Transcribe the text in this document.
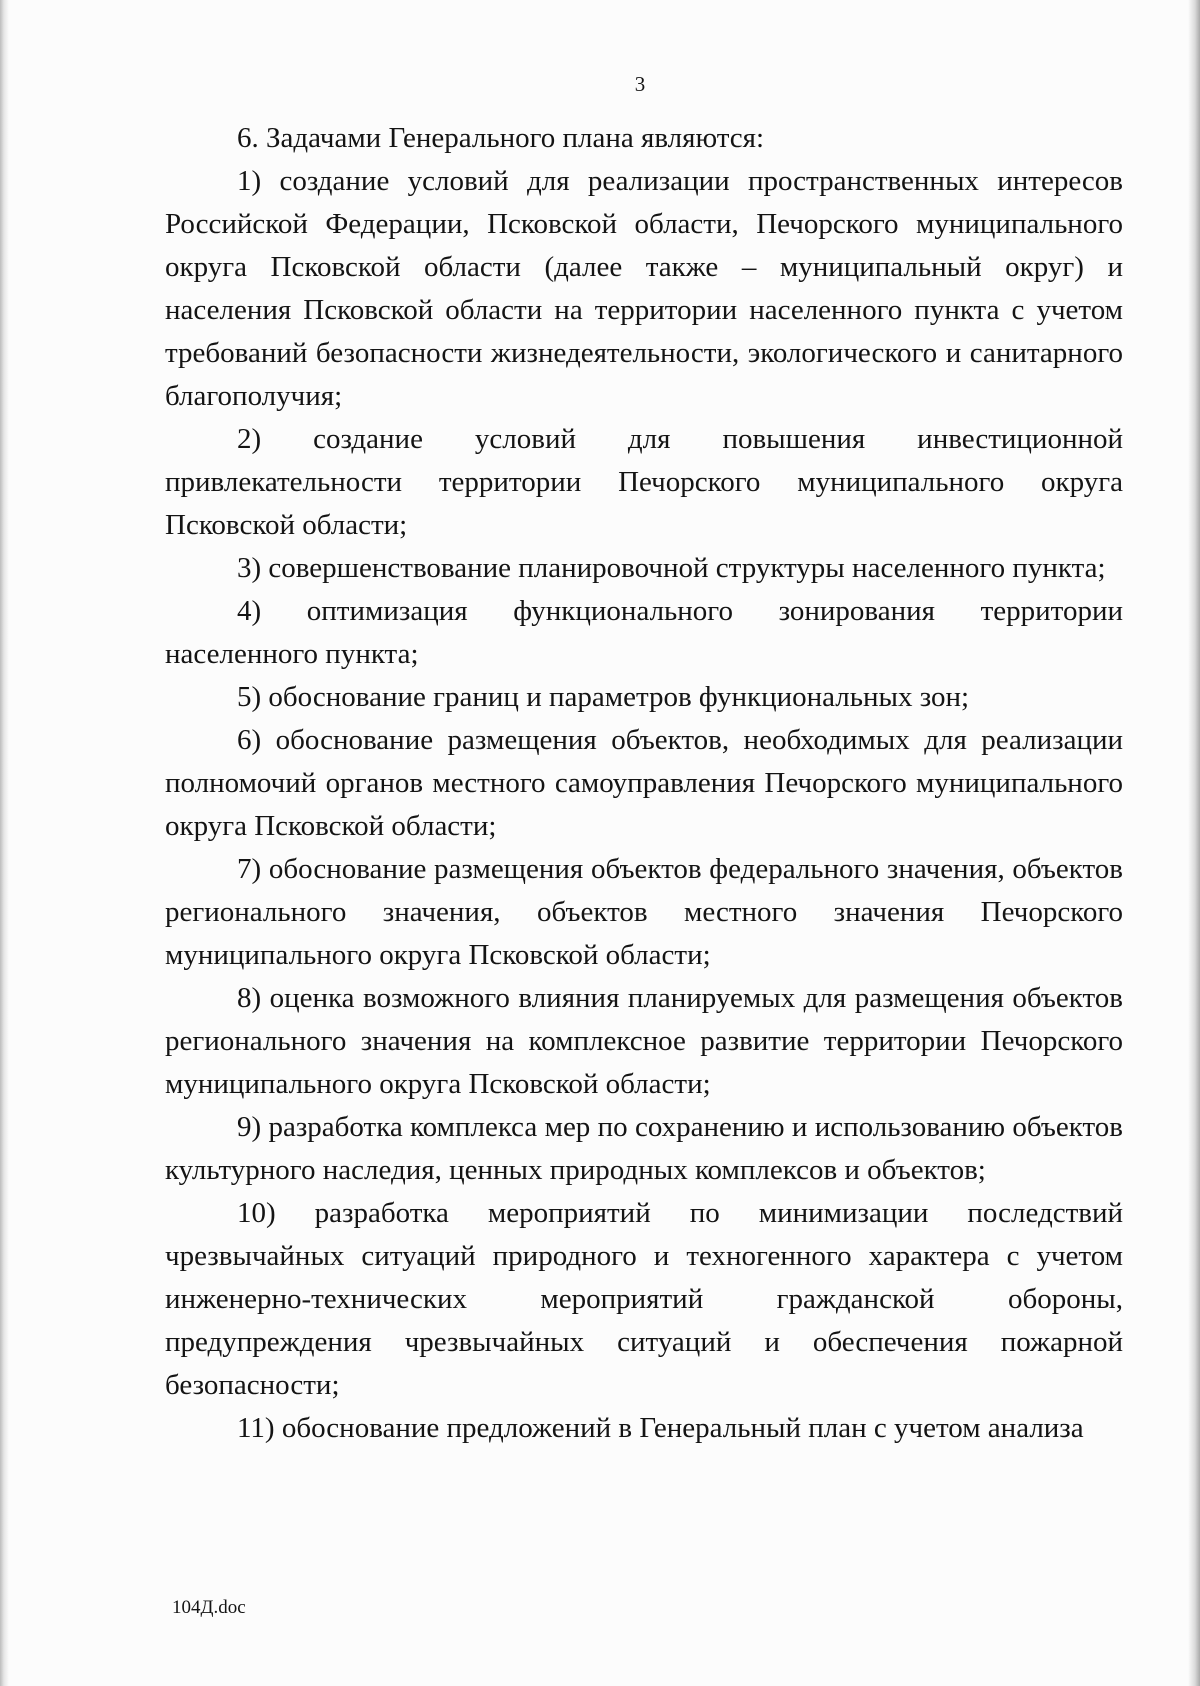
3

6. Задачами Генерального плана являются:

1) создание условий для реализации пространственных интересов Российской Федерации, Псковской области, Печорского муниципального округа Псковской области (далее также – муниципальный округ) и населения Псковской области на территории населенного пункта с учетом требований безопасности жизнедеятельности, экологического и санитарного благополучия;

2) создание условий для повышения инвестиционной привлекательности территории Печорского муниципального округа Псковской области;

3) совершенствование планировочной структуры населенного пункта;

4) оптимизация функционального зонирования территории населенного пункта;

5) обоснование границ и параметров функциональных зон;

6) обоснование размещения объектов, необходимых для реализации полномочий органов местного самоуправления Печорского муниципального округа Псковской области;

7) обоснование размещения объектов федерального значения, объектов регионального значения, объектов местного значения Печорского муниципального округа Псковской области;

8) оценка возможного влияния планируемых для размещения объектов регионального значения на комплексное развитие территории Печорского муниципального округа Псковской области;

9) разработка комплекса мер по сохранению и использованию объектов культурного наследия, ценных природных комплексов и объектов;

10) разработка мероприятий по минимизации последствий чрезвычайных ситуаций природного и техногенного характера с учетом инженерно-технических мероприятий гражданской обороны, предупреждения чрезвычайных ситуаций и обеспечения пожарной безопасности;

11) обоснование предложений в Генеральный план с учетом анализа

104Д.doc
